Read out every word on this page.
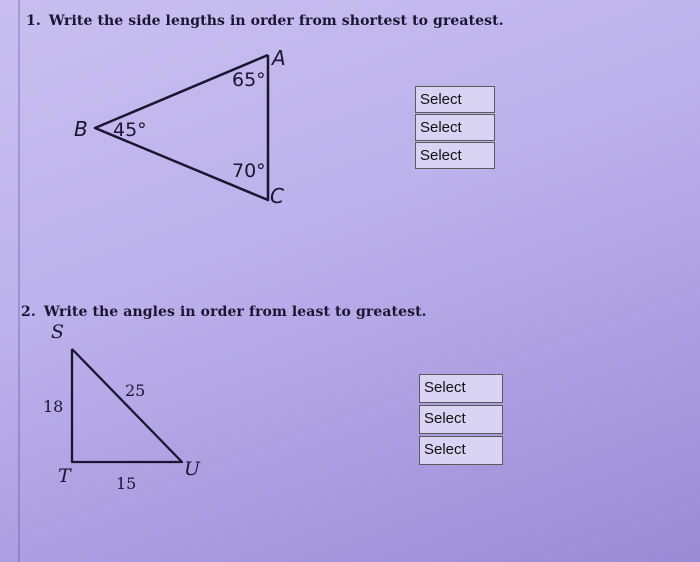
1. Write the side lengths in order from shortest to greatest.
A
B
C
65°
45°
70°
Select
Select
Select
2. Write the angles in order from least to greatest.
S
T	U
18
25
15
Select
Select
Select
